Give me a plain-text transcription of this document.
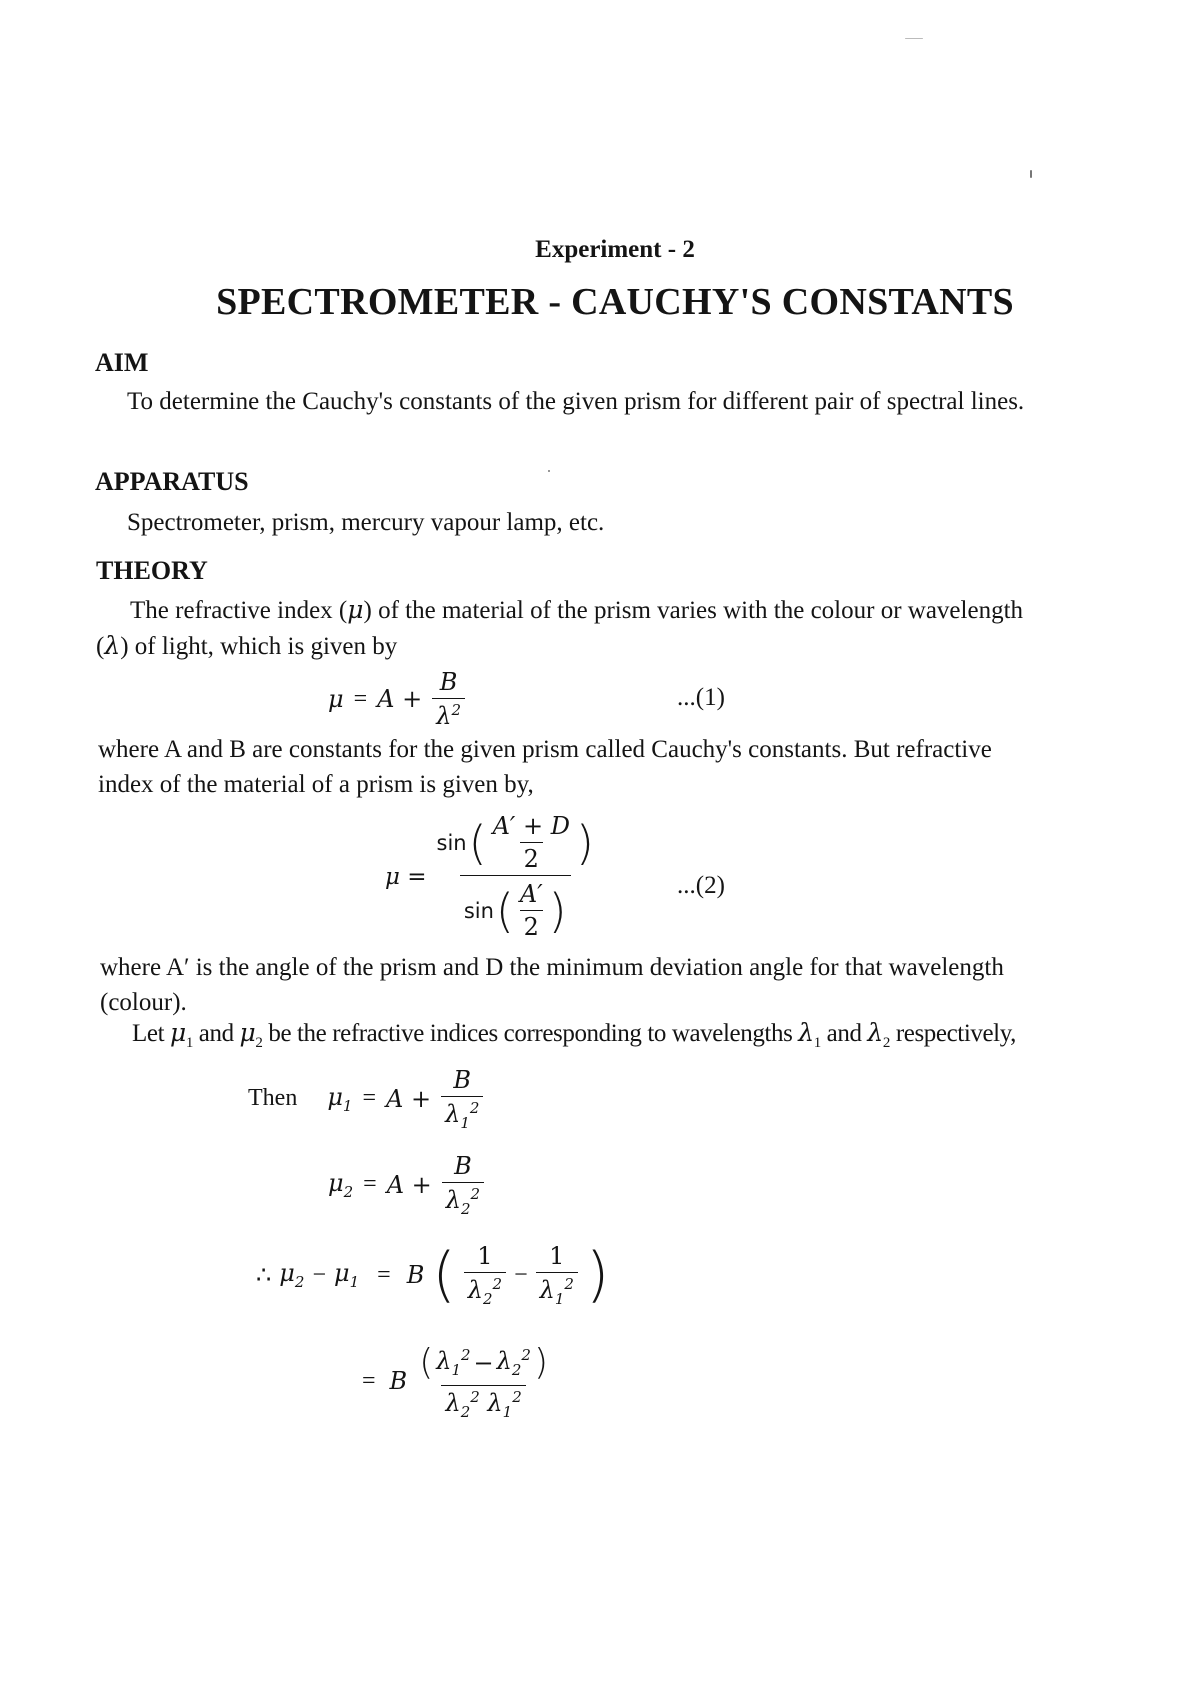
Experiment - 2
SPECTROMETER - CAUCHY'S CONSTANTS
AIM

To determine the Cauchy's constants of the given prism for different pair of spectral lines.

APPARATUS
Spectrometer, prism, mercury vapour lamp, etc.
THEORY

The refractive index (μ) of the material of the prism varies with the colour or wavelength (λ) of light, which is given by

$\mu = A + \frac{B}{\lambda^2}$	...(1)
where A and B are constants for the given prism called Cauchy's constants. But refractive index of the material of a prism is given by,
μ =
sin ( $\frac{A' + D}{2}$ )
sin ( $\frac{A'}{2}$ )	...(2)
where A′ is the angle of the prism and D the minimum deviation angle for that wavelength (colour).
Let $\mu_1$ and $\mu_2$ be the refractive indices corresponding to wavelengths $\lambda_1$ and $\lambda_2$ respectively,
Then $\mu_1 = A + \frac{B}{\lambda_1^2}$
$\mu_2 = A + \frac{B}{\lambda_2^2}$
∴ $\mu_2 - \mu_1 = B$ ( $\frac{1}{\lambda_2^2} - \frac{1}{\lambda_1^2}$ )
= B $\frac{( \lambda_1^2 - \lambda_2^2 )}{\lambda_2^2 \lambda_1^2}$
